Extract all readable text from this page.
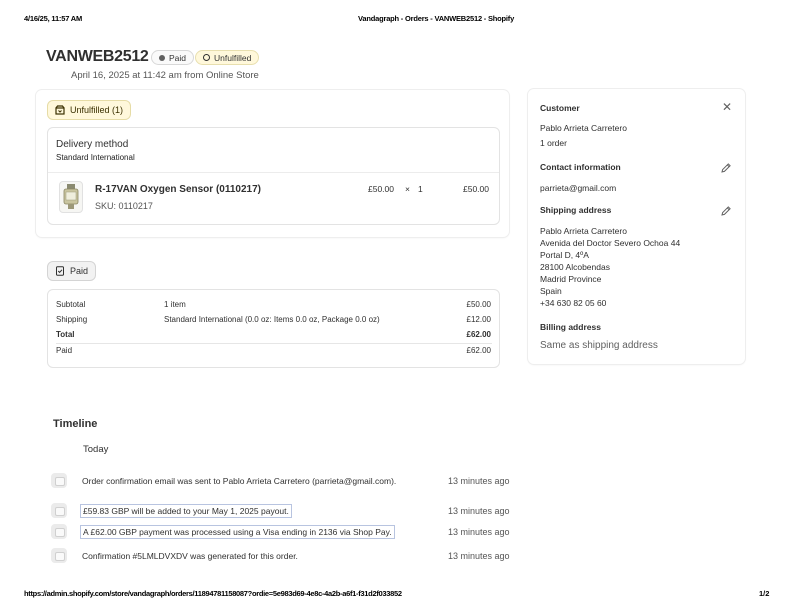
4/16/25, 11:57 AM	Vandagraph - Orders - VANWEB2512 - Shopify
https://admin.shopify.com/store/vandagraph/orders/11894781158087?ordie=5e983d69-4e8c-4a2b-a6f1-f31d2f033852	1/2
VANWEB2512 Paid	Unfulfilled
April 16, 2025 at 11:42 am from Online Store
Unfulfilled (1)
Delivery method
Standard International
R-17VAN Oxygen Sensor (0110217)
SKU: 0110217
£50.00 × 1	£50.00
Paid
Subtotal	1 item	£50.00
Shipping	Standard International (0.0 oz: Items 0.0 oz, Package 0.0 oz)	£12.00
Total	£62.00
Paid	£62.00
Customer	✕
Pablo Arrieta Carretero
1 order
Contact information
parrieta@gmail.com
Shipping address
Pablo Arrieta Carretero
Avenida del Doctor Severo Ochoa 44
Portal D, 4ºA
28100 Alcobendas
Madrid Province
Spain
+34 630 82 05 60
Billing address
Same as shipping address
Timeline
Today
Order confirmation email was sent to Pablo Arrieta Carretero (parrieta@gmail.com).	13 minutes ago
£59.83 GBP will be added to your May 1, 2025 payout.	13 minutes ago
A £62.00 GBP payment was processed using a Visa ending in 2136 via Shop Pay.	13 minutes ago
Confirmation #5LMLDVXDV was generated for this order.	13 minutes ago
